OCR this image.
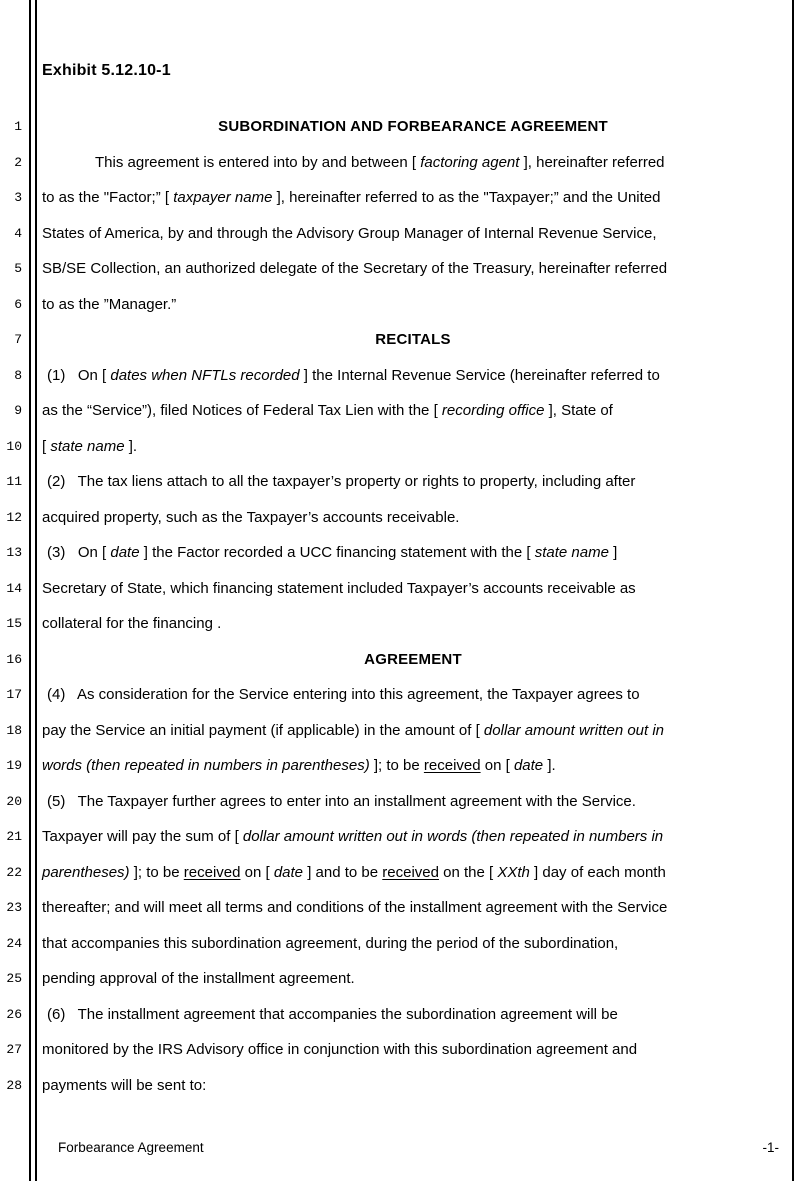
Exhibit 5.12.10-1
1	SUBORDINATION AND FORBEARANCE AGREEMENT
2	This agreement is entered into by and between [ factoring agent ], hereinafter referred
3 to as the "Factor;” [ taxpayer name ], hereinafter referred to as the "Taxpayer;” and the United
4 States of America, by and through the Advisory Group Manager of Internal Revenue Service,
5 SB/SE Collection, an authorized delegate of the Secretary of the Treasury, hereinafter referred
6 to as the ”Manager.”
7	RECITALS
8	(1)   On [ dates when NFTLs recorded ] the Internal Revenue Service (hereinafter referred to
9 as the “Service”), filed Notices of Federal Tax Lien with the [ recording office ], State of
10 [ state name ].
11	(2)   The tax liens attach to all the taxpayer’s property or rights to property, including after
12 acquired property, such as the Taxpayer’s accounts receivable.
13	(3)   On [ date ] the Factor recorded a UCC financing statement with the [ state name ]
14 Secretary of State, which financing statement included Taxpayer’s accounts receivable as
15 collateral for the financing .
16	AGREEMENT
17	(4)   As consideration for the Service entering into this agreement, the Taxpayer agrees to
18 pay the Service an initial payment (if applicable) in the amount of [ dollar amount written out in
19 words (then repeated in numbers in parentheses) ]; to be received on [ date ].
20	(5)   The Taxpayer further agrees to enter into an installment agreement with the Service.
21 Taxpayer will pay the sum of [ dollar amount written out in words (then repeated in numbers in
22 parentheses) ]; to be received on [ date ] and to be received on the [ XXth ] day of each month
23 thereafter; and will meet all terms and conditions of the installment agreement with the Service
24 that accompanies this subordination agreement, during the period of the subordination,
25 pending approval of the installment agreement.
26	(6)   The installment agreement that accompanies the subordination agreement will be
27 monitored by the IRS Advisory office in conjunction with this subordination agreement and
28 payments will be sent to:
Forbearance Agreement	-1-
